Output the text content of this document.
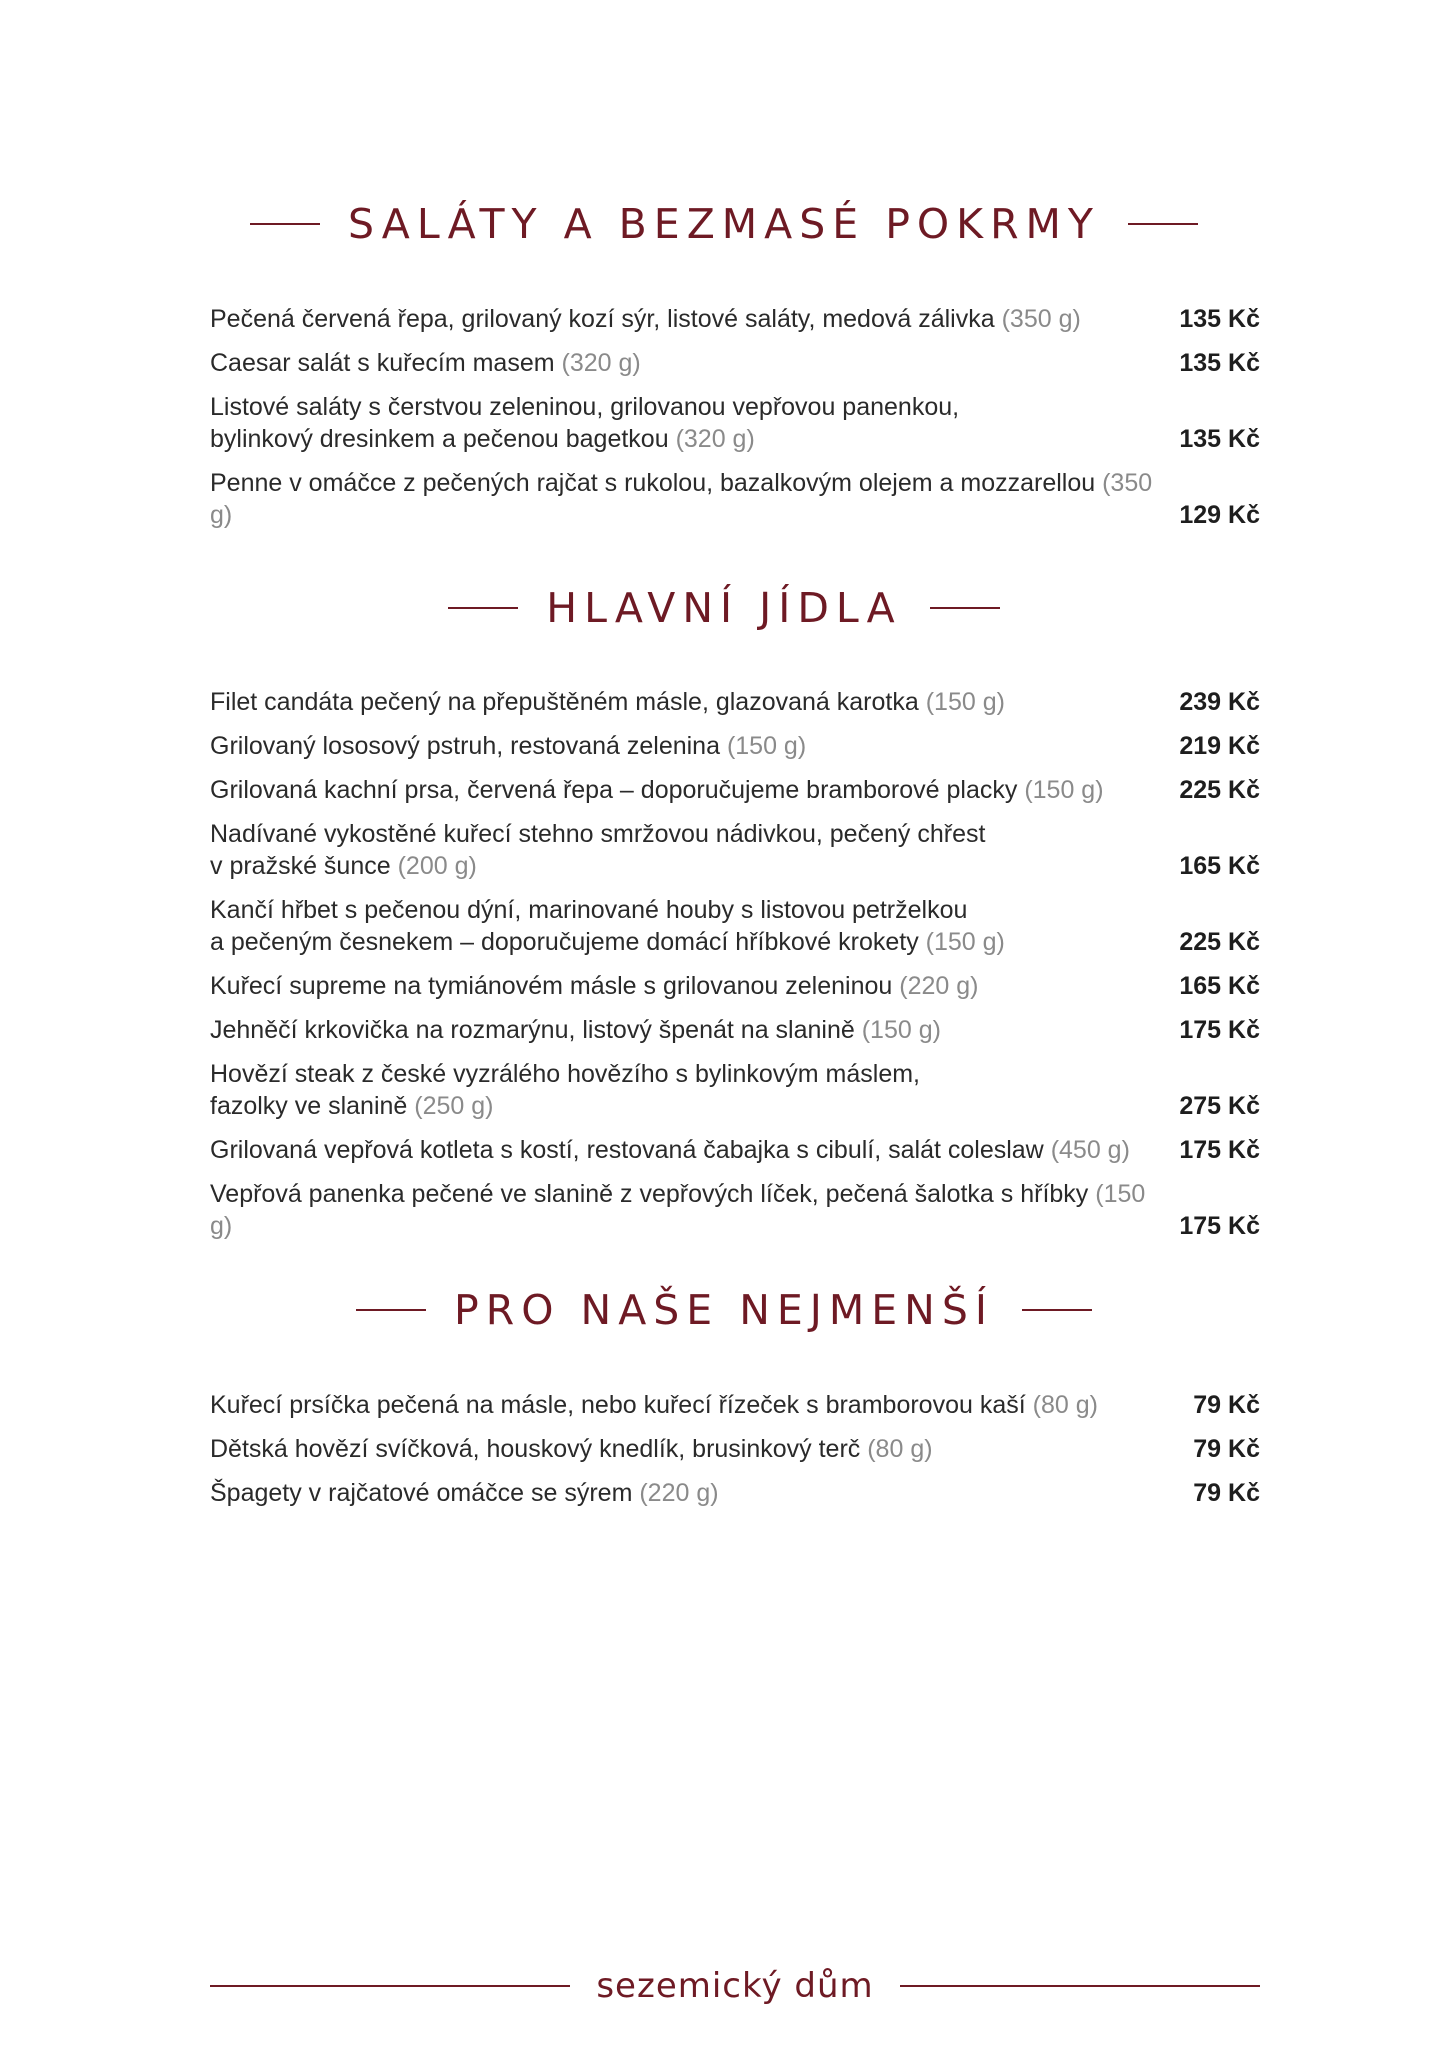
SALÁTY A BEZMASÉ POKRMY
Pečená červená řepa, grilovaný kozí sýr, listové saláty, medová zálivka (350 g)	135 Kč
Caesar salát s kuřecím masem (320 g)	135 Kč
Listové saláty s čerstvou zeleninou, grilovanou vepřovou panenkou,
bylinkový dresinkem a pečenou bagetkou (320 g)	135 Kč
Penne v omáčce z pečených rajčat s rukolou, bazalkovým olejem a mozzarellou (350 g)	129 Kč
HLAVNÍ JÍDLA
Filet candáta pečený na přepuštěném másle, glazovaná karotka (150 g)	239 Kč
Grilovaný lososový pstruh, restovaná zelenina (150 g)	219 Kč
Grilovaná kachní prsa, červená řepa – doporučujeme bramborové placky (150 g)	225 Kč
Nadívané vykostěné kuřecí stehno smržovou nádivkou, pečený chřest
v pražské šunce (200 g)	165 Kč
Kančí hřbet s pečenou dýní, marinované houby s listovou petrželkou
a pečeným česnekem – doporučujeme domácí hříbkové krokety (150 g)	225 Kč
Kuřecí supreme na tymiánovém másle s grilovanou zeleninou (220 g)	165 Kč
Jehněčí krkovička na rozmarýnu, listový špenát na slanině (150 g)	175 Kč
Hovězí steak z české vyzrálého hovězího s bylinkovým máslem,
fazolky ve slanině (250 g)	275 Kč
Grilovaná vepřová kotleta s kostí, restovaná čabajka s cibulí, salát coleslaw (450 g)	175 Kč
Vepřová panenka pečené ve slanině z vepřových líček, pečená šalotka s hříbky (150 g)	175 Kč
PRO NAŠE NEJMENŠÍ
Kuřecí prsíčka pečená na másle, nebo kuřecí řízeček s bramborovou kaší (80 g)	79 Kč
Dětská hovězí svíčková, houskový knedlík, brusinkový terč (80 g)	79 Kč
Špagety v rajčatové omáčce se sýrem (220 g)	79 Kč
sezemický dům
